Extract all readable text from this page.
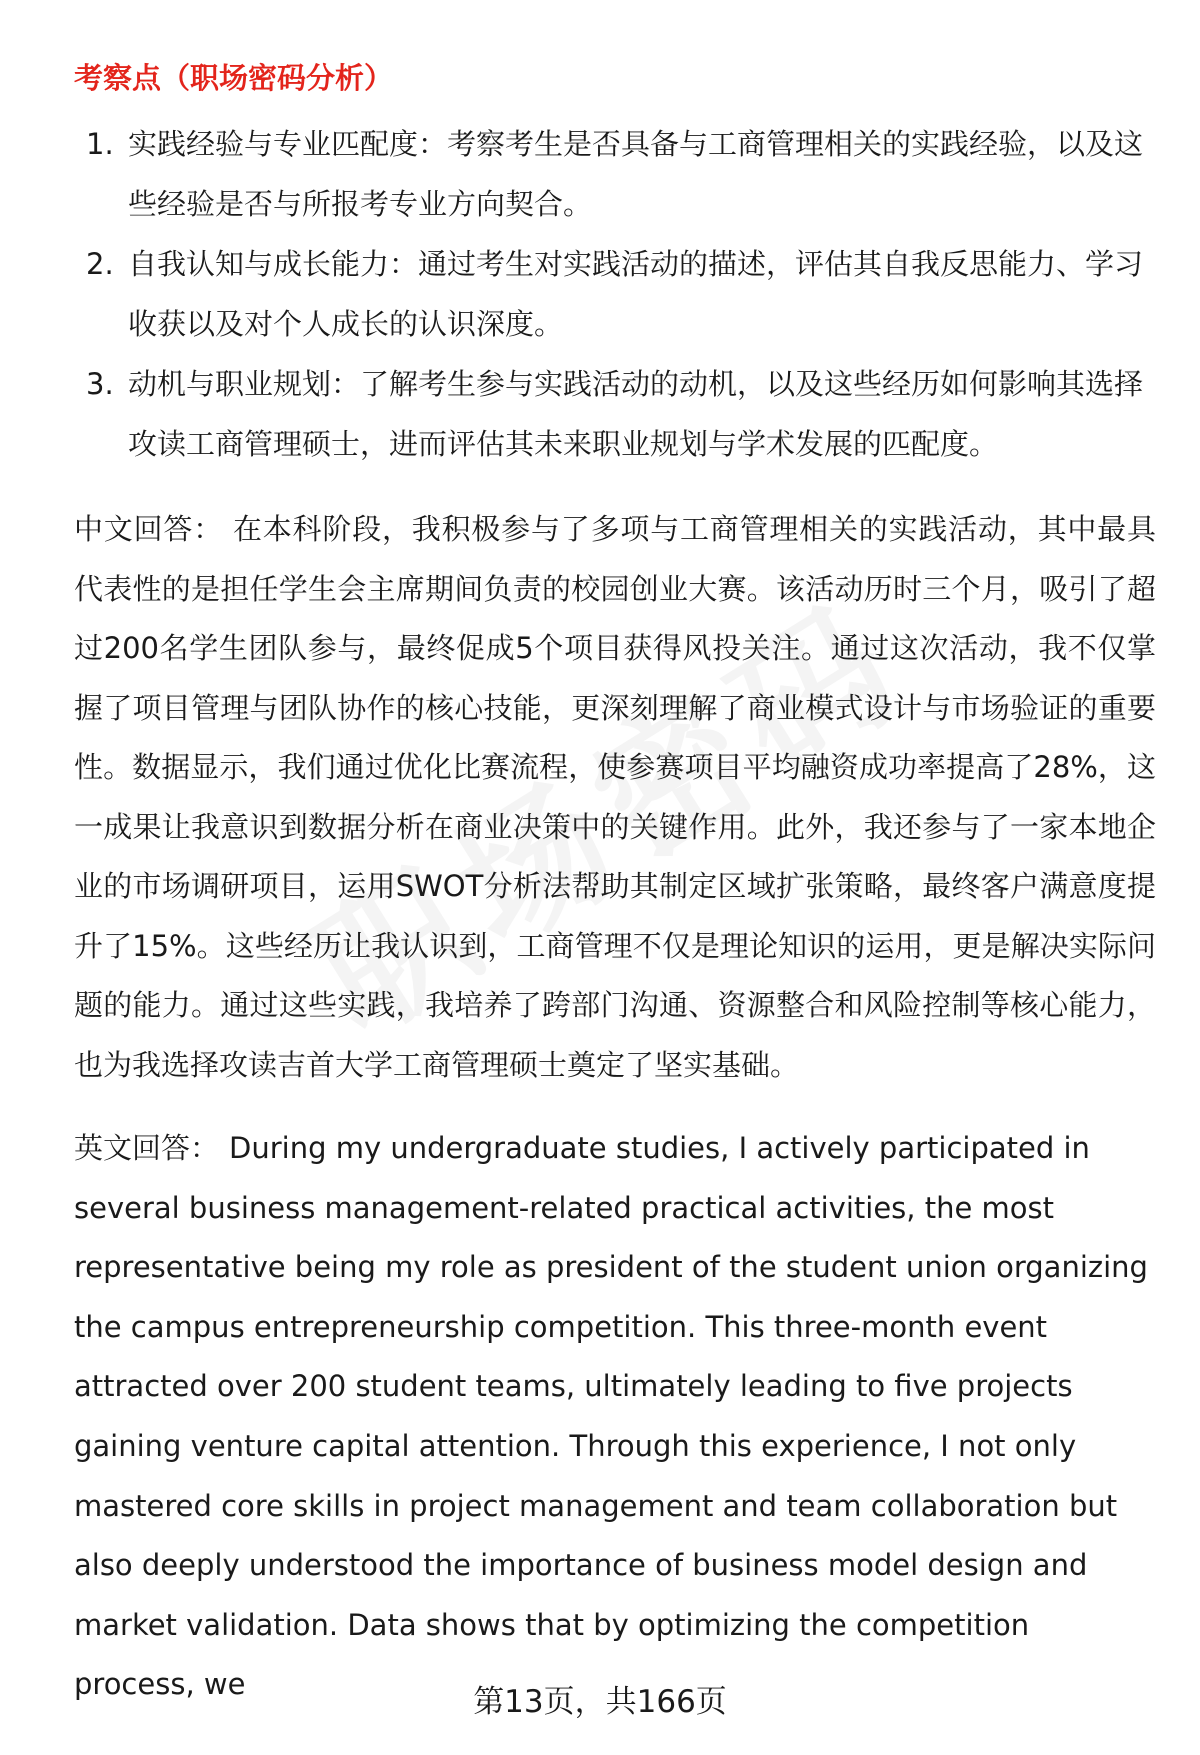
考察点（职场密码分析）
1. 实践经验与专业匹配度：考察考生是否具备与工商管理相关的实践经验，以及这些经验是否与所报考专业方向契合。
2. 自我认知与成长能力：通过考生对实践活动的描述，评估其自我反思能力、学习收获以及对个人成长的认识深度。
3. 动机与职业规划：了解考生参与实践活动的动机，以及这些经历如何影响其选择攻读工商管理硕士，进而评估其未来职业规划与学术发展的匹配度。

中文回答： 在本科阶段，我积极参与了多项与工商管理相关的实践活动，其中最具代表性的是担任学生会主席期间负责的校园创业大赛。该活动历时三个月，吸引了超过200名学生团队参与，最终促成5个项目获得风投关注。通过这次活动，我不仅掌握了项目管理与团队协作的核心技能，更深刻理解了商业模式设计与市场验证的重要性。数据显示，我们通过优化比赛流程，使参赛项目平均融资成功率提高了28%，这一成果让我意识到数据分析在商业决策中的关键作用。此外，我还参与了一家本地企业的市场调研项目，运用SWOT分析法帮助其制定区域扩张策略，最终客户满意度提升了15%。这些经历让我认识到，工商管理不仅是理论知识的运用，更是解决实际问题的能力。通过这些实践，我培养了跨部门沟通、资源整合和风险控制等核心能力，也为我选择攻读吉首大学工商管理硕士奠定了坚实基础。

英文回答： During my undergraduate studies, I actively participated in several business management-related practical activities, the most representative being my role as president of the student union organizing the campus entrepreneurship competition. This three-month event attracted over 200 student teams, ultimately leading to five projects gaining venture capital attention. Through this experience, I not only mastered core skills in project management and team collaboration but also deeply understood the importance of business model design and market validation. Data shows that by optimizing the competition process, we	第13页，共166页
